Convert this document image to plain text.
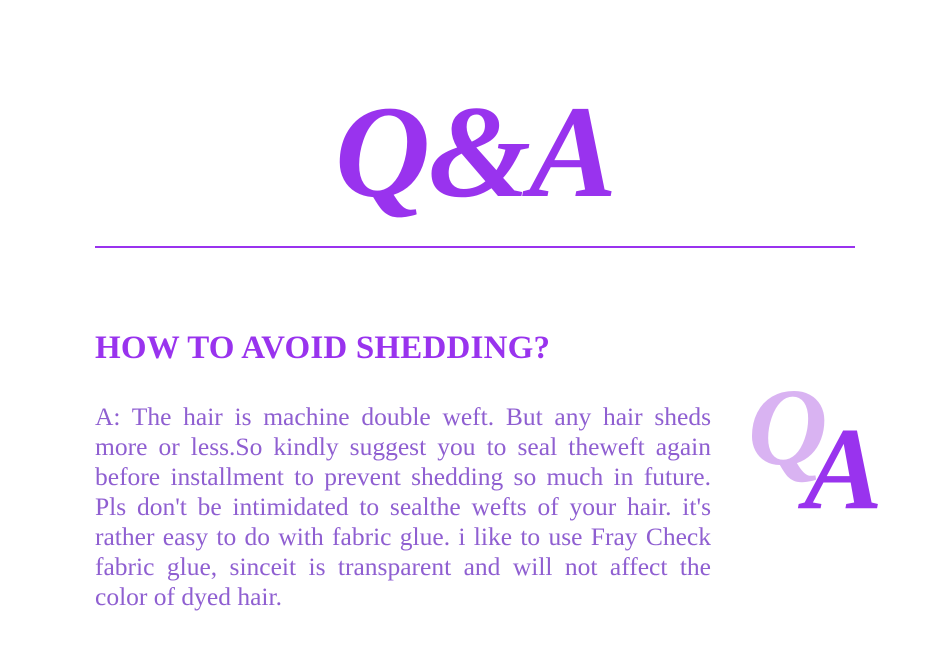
Q&A
HOW TO AVOID SHEDDING?
A: The hair is machine double weft. But any hair sheds more or less.So kindly suggest you to seal theweft again before installment to prevent shedding so much in future. Pls don't be intimidated to sealthe wefts of your hair. it's rather easy to do with fabric glue. i like to use Fray Check fabric glue, sinceit is transparent and will not affect the color of dyed hair.
Q
A
